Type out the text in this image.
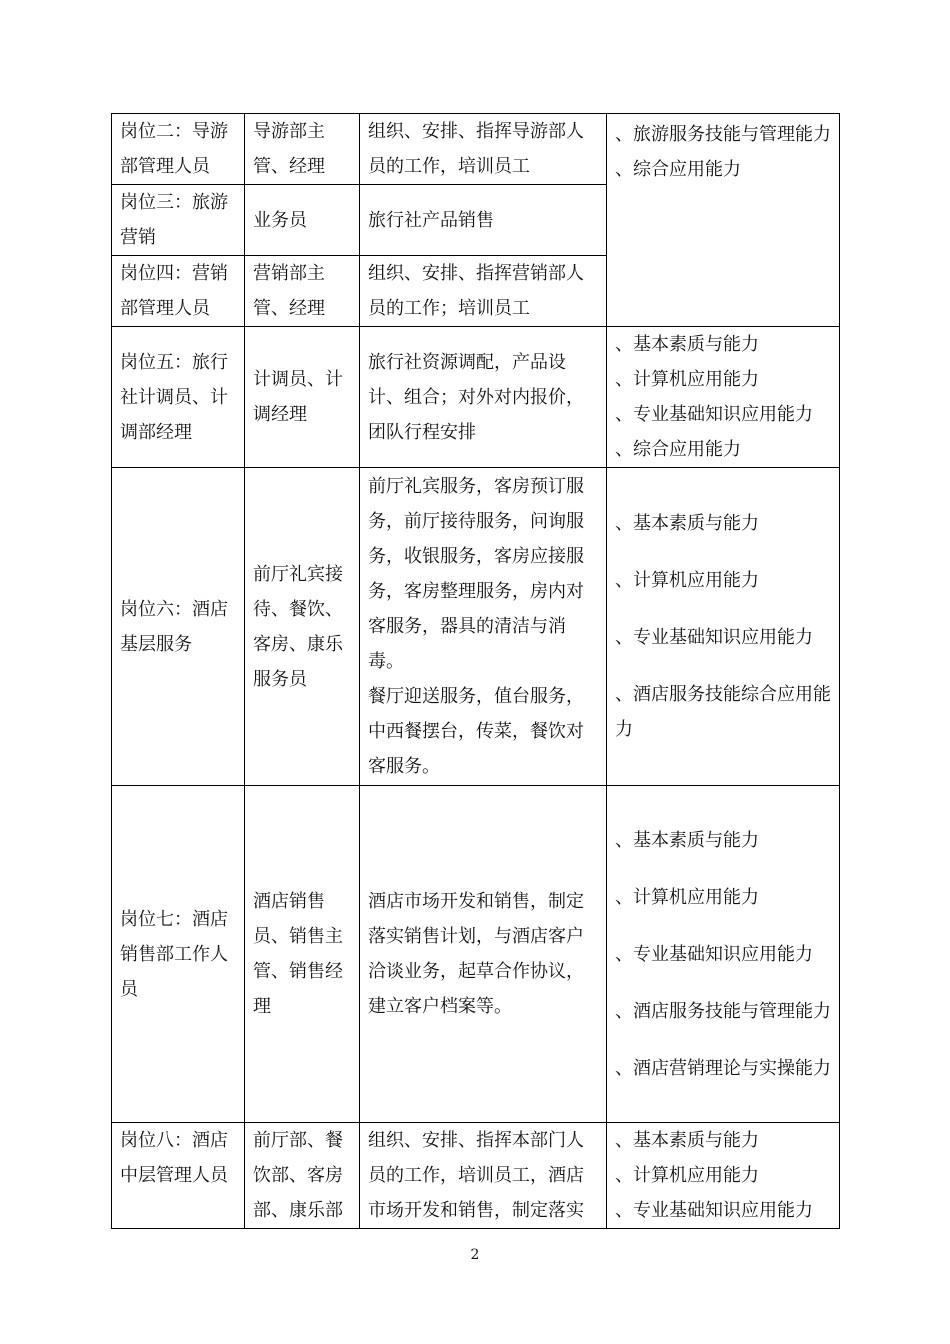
岗位二：导游部管理人员	导游部主管、经理	组织、安排、指挥导游部人员的工作，培训员工	、旅游服务技能与管理能力
、综合应用能力

岗位三：旅游营销	业务员	旅行社产品销售	
岗位四：营销部管理人员	营销部主管、经理	组织、安排、指挥营销部人员的工作；培训员工	
岗位五：旅行社计调员、计调部经理	计调员、计调经理	旅行社资源调配，产品设计、组合；对外对内报价，团队行程安排	、基本素质与能力
、计算机应用能力
、专业基础知识应用能力
、综合应用能力

岗位六：酒店基层服务	前厅礼宾接待、餐饮、客房、康乐服务员	前厅礼宾服务，客房预订服务，前厅接待服务，问询服务，收银服务，客房应接服务，客房整理服务，房内对客服务，器具的清洁与消毒。
餐厅迎送服务，值台服务，中西餐摆台，传菜，餐饮对客服务。	、基本素质与能力
、计算机应用能力
、专业基础知识应用能力
、酒店服务技能综合应用能力

岗位七：酒店销售部工作人员	酒店销售员、销售主管、销售经理	酒店市场开发和销售，制定落实销售计划，与酒店客户洽谈业务，起草合作协议，建立客户档案等。	、基本素质与能力
、计算机应用能力
、专业基础知识应用能力
、酒店服务技能与管理能力
、酒店营销理论与实操能力

岗位八：酒店中层管理人员	前厅部、餐饮部、客房部、康乐部	组织、安排、指挥本部门人员的工作，培训员工，酒店市场开发和销售，制定落实	、基本素质与能力
、计算机应用能力
、专业基础知识应用能力
2
